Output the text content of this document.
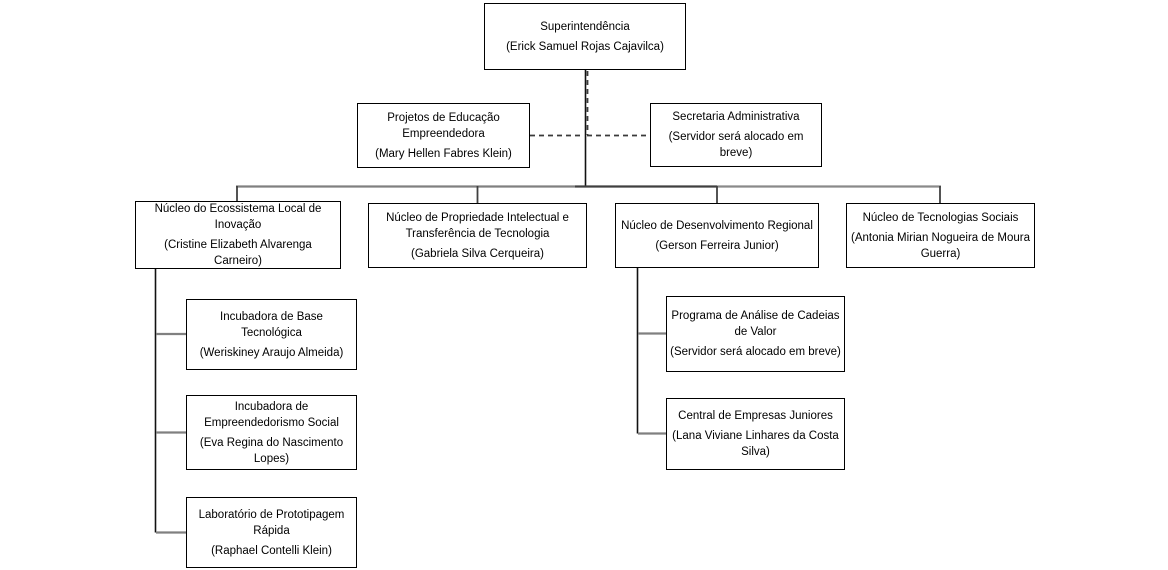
Superintendência
(Erick Samuel Rojas Cajavilca)
Projetos de Educação Empreendedora
(Mary Hellen Fabres Klein)
Secretaria Administrativa
(Servidor será alocado em breve)
Núcleo do Ecossistema Local de Inovação
(Cristine Elizabeth Alvarenga Carneiro)
Núcleo de Propriedade Intelectual e Transferência de Tecnologia
(Gabriela Silva Cerqueira)
Núcleo de Desenvolvimento Regional
(Gerson Ferreira Junior)
Núcleo de Tecnologias Sociais
(Antonia Mirian Nogueira de Moura Guerra)
Incubadora de Base Tecnológica
(Weriskiney Araujo Almeida)
Incubadora de Empreendedorismo Social
(Eva Regina do Nascimento Lopes)
Laboratório de Prototipagem Rápida
(Raphael Contelli Klein)
Programa de Análise de Cadeias de Valor
(Servidor será alocado em breve)
Central de Empresas Juniores
(Lana Viviane Linhares da Costa Silva)
